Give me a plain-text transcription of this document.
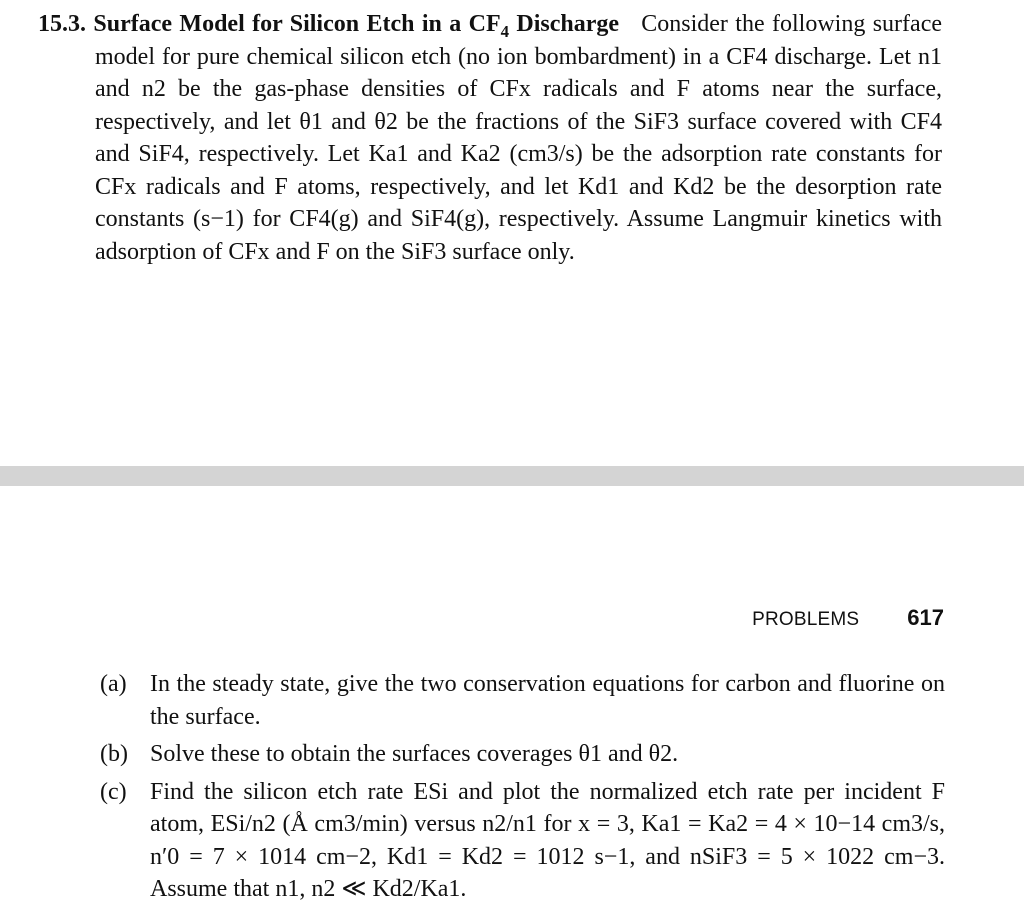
15.3. Surface Model for Silicon Etch in a $CF_4$ Discharge Consider the following surface model for pure chemical silicon etch (no ion bombardment) in a CF4 discharge. Let n1 and n2 be the gas-phase densities of CFx radicals and F atoms near the surface, respectively, and let θ1 and θ2 be the fractions of the SiF3 surface covered with CF4 and SiF4, respectively. Let Ka1 and Ka2 (cm3/s) be the adsorption rate constants for CFx radicals and F atoms, respectively, and let Kd1 and Kd2 be the desorption rate constants (s−1) for CF4(g) and SiF4(g), respectively. Assume Langmuir kinetics with adsorption of CFx and F on the SiF3 surface only.
PROBLEMS 617
(a) In the steady state, give the two conservation equations for carbon and fluorine on the surface.
(b) Solve these to obtain the surfaces coverages θ1 and θ2.
(c) Find the silicon etch rate ESi and plot the normalized etch rate per incident F atom, ESi/n2 (Å cm3/min) versus n2/n1 for x = 3, Ka1 = Ka2 = 4 × 10−14 cm3/s, n′0 = 7 × 1014 cm−2, Kd1 = Kd2 = 1012 s−1, and nSiF3 = 5 × 1022 cm−3. Assume that n1, n2 ≪ Kd2/Ka1.
